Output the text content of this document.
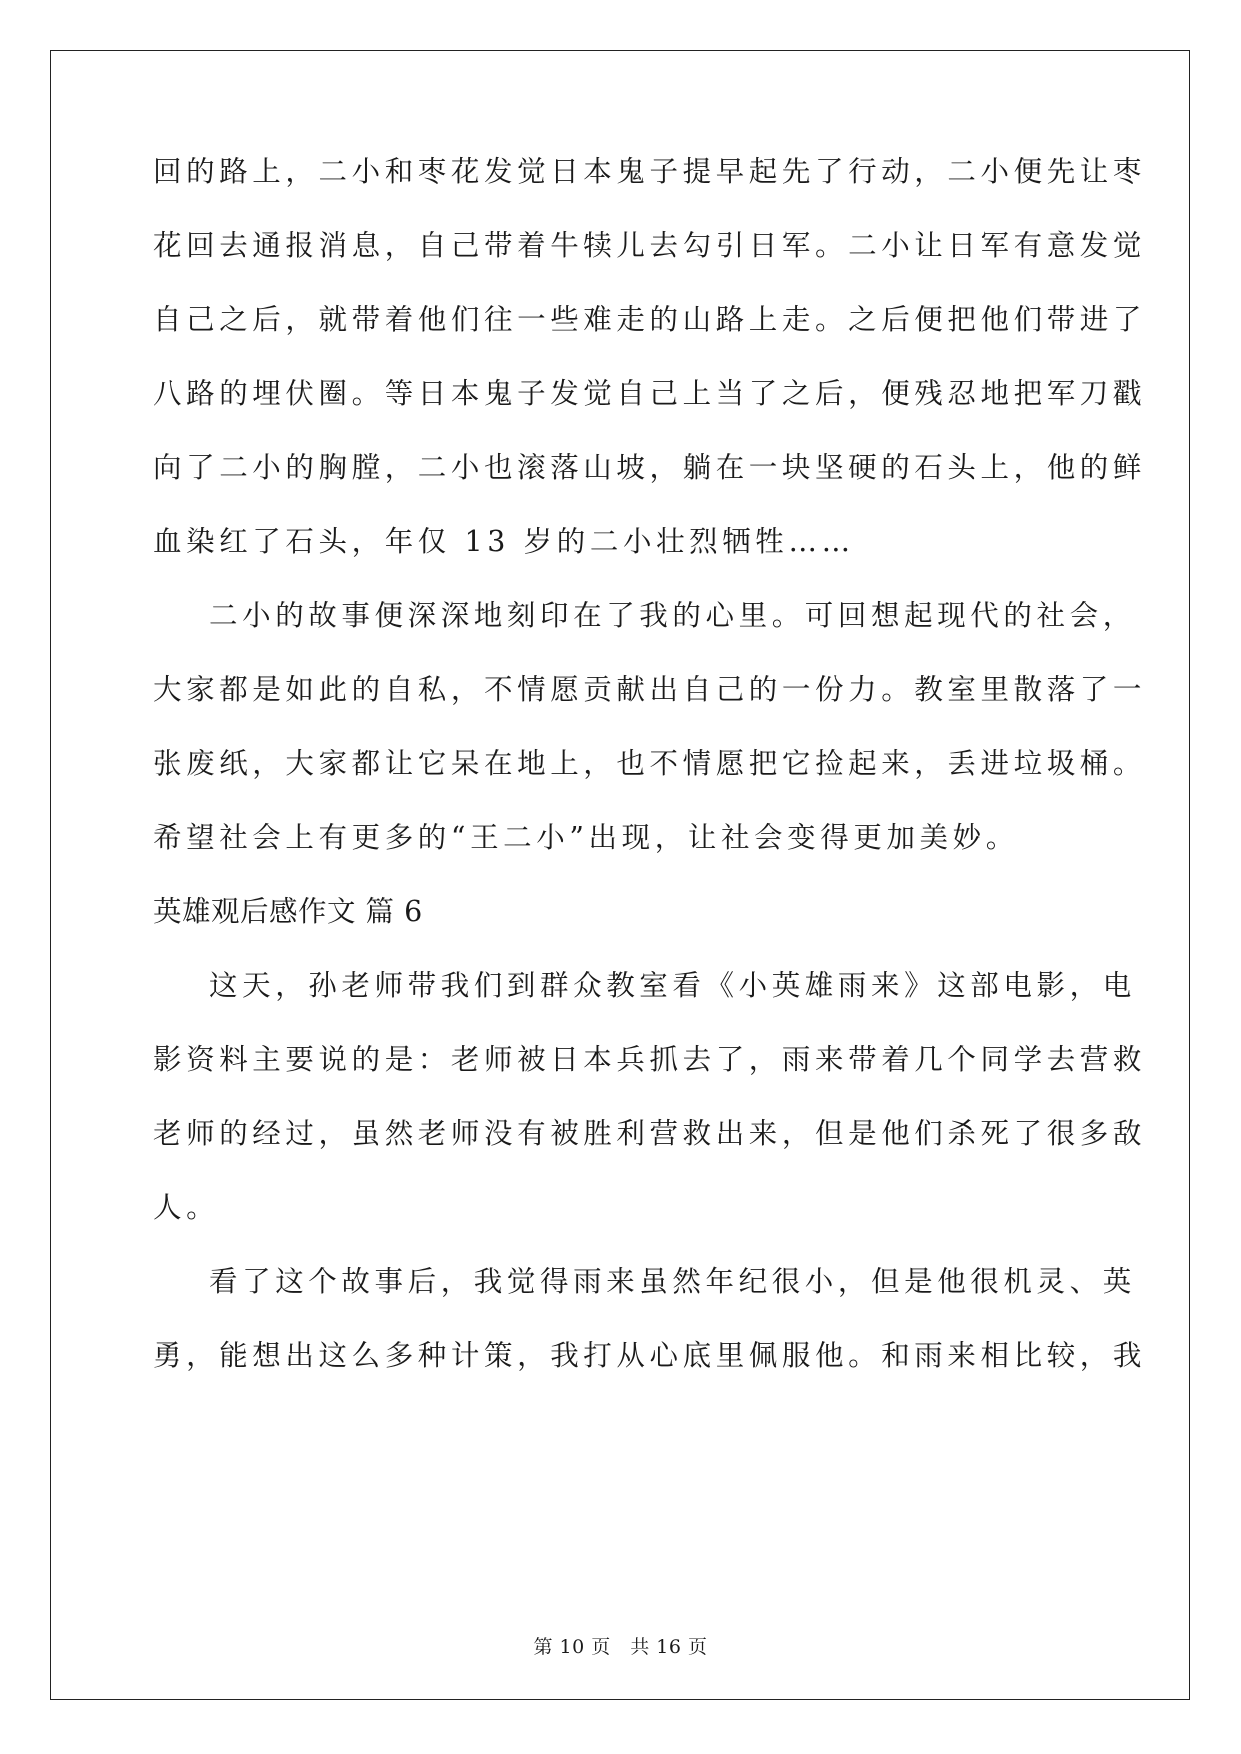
回的路上，二小和枣花发觉日本鬼子提早起先了行动，二小便先让枣
花回去通报消息，自己带着牛犊儿去勾引日军。二小让日军有意发觉
自己之后，就带着他们往一些难走的山路上走。之后便把他们带进了
八路的埋伏圈。等日本鬼子发觉自己上当了之后，便残忍地把军刀戳
向了二小的胸膛，二小也滚落山坡，躺在一块坚硬的石头上，他的鲜
血染红了石头，年仅 13 岁的二小壮烈牺牲……
二小的故事便深深地刻印在了我的心里。可回想起现代的社会，
大家都是如此的自私，不情愿贡献出自己的一份力。教室里散落了一
张废纸，大家都让它呆在地上，也不情愿把它捡起来，丢进垃圾桶。
希望社会上有更多的“王二小”出现，让社会变得更加美妙。
英雄观后感作文 篇 6
这天，孙老师带我们到群众教室看《小英雄雨来》这部电影，电
影资料主要说的是：老师被日本兵抓去了，雨来带着几个同学去营救
老师的经过，虽然老师没有被胜利营救出来，但是他们杀死了很多敌
人。
看了这个故事后，我觉得雨来虽然年纪很小，但是他很机灵、英
勇，能想出这么多种计策，我打从心底里佩服他。和雨来相比较，我
第 10 页　共 16 页
